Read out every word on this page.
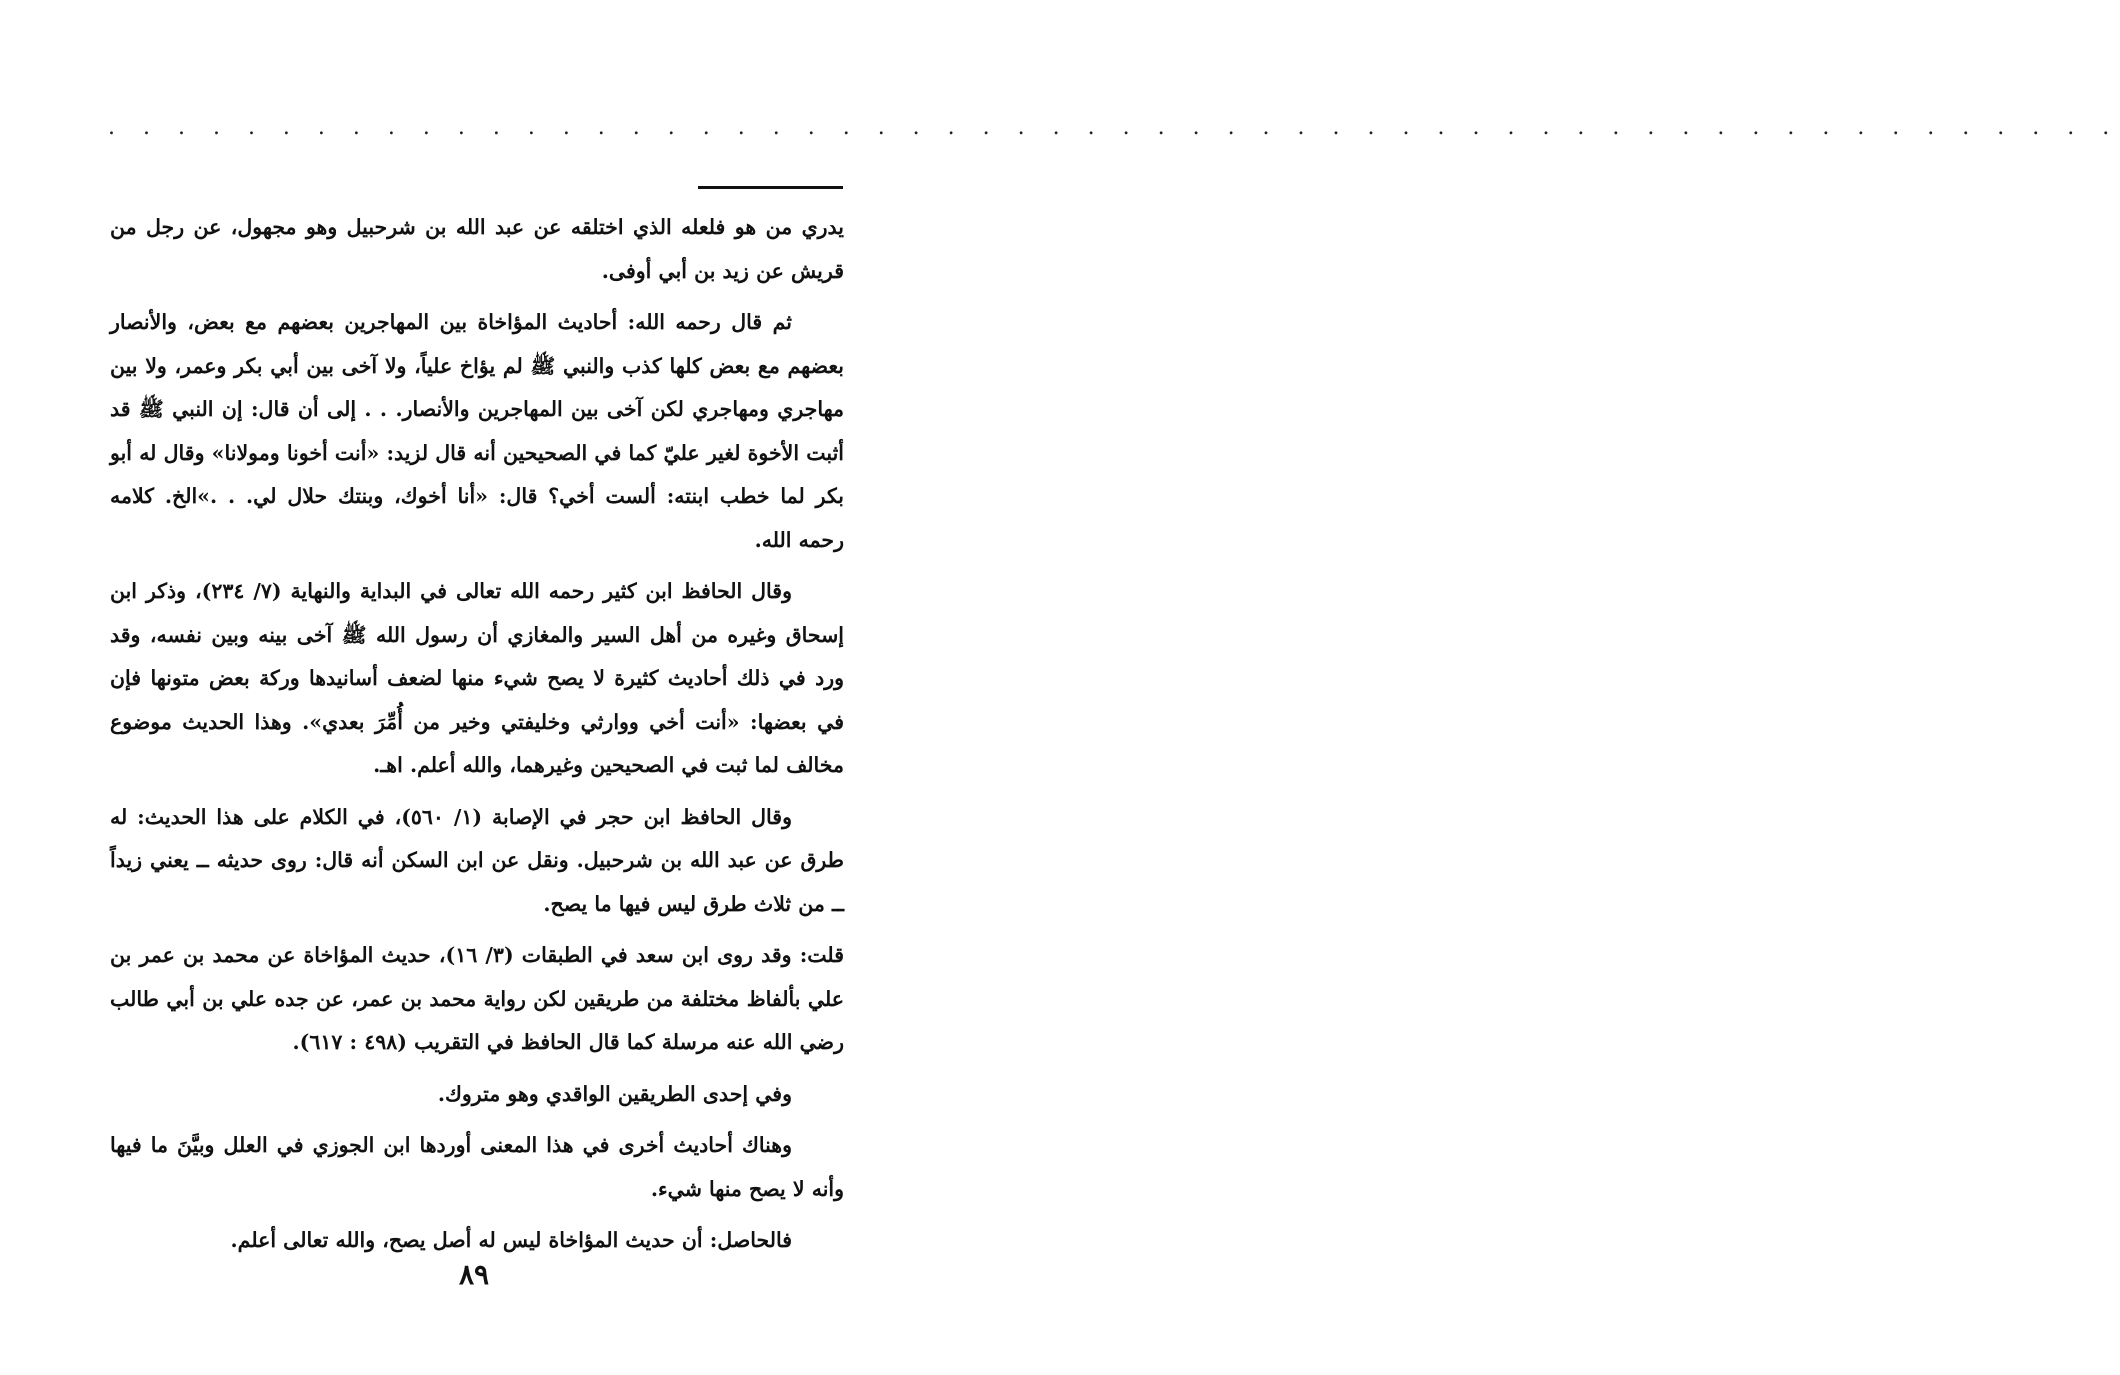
. . . . . . . . . . . . . . . . . . . . . . . . . . . . . . . . . . . . . . . . . . . . . . . . . . . . . . . . . .

يدري من هو فلعله الذي اختلقه عن عبد الله بن شرحبيل وهو مجهول، عن رجل من قريش عن زيد بن أبي أوفى.

ثم قال رحمه الله: أحاديث المؤاخاة بين المهاجرين بعضهم مع بعض، والأنصار بعضهم مع بعض كلها كذب والنبي ﷺ لم يؤاخ علياً، ولا آخى بين أبي بكر وعمر، ولا بين مهاجري ومهاجري لكن آخى بين المهاجرين والأنصار. . . إلى أن قال: إن النبي ﷺ قد أثبت الأخوة لغير عليّ كما في الصحيحين أنه قال لزيد: «أنت أخونا ومولانا» وقال له أبو بكر لما خطب ابنته: ألست أخي؟ قال: «أنا أخوك، وبنتك حلال لي. . .»الخ. كلامه رحمه الله.

وقال الحافظ ابن كثير رحمه الله تعالى في البداية والنهاية (٧/ ٢٣٤)، وذكر ابن إسحاق وغيره من أهل السير والمغازي أن رسول الله ﷺ آخى بينه وبين نفسه، وقد ورد في ذلك أحاديث كثيرة لا يصح شيء منها لضعف أسانيدها وركة بعض متونها فإن في بعضها: «أنت أخي ووارثي وخليفتي وخير من أُمِّرَ بعدي». وهذا الحديث موضوع مخالف لما ثبت في الصحيحين وغيرهما، والله أعلم. اهـ.

وقال الحافظ ابن حجر في الإصابة (١/ ٥٦٠)، في الكلام على هذا الحديث: له طرق عن عبد الله بن شرحبيل. ونقل عن ابن السكن أنه قال: روى حديثه ــ يعني زيداً ــ من ثلاث طرق ليس فيها ما يصح.

قلت: وقد روى ابن سعد في الطبقات (٣/ ١٦)، حديث المؤاخاة عن محمد بن عمر بن علي بألفاظ مختلفة من طريقين لكن رواية محمد بن عمر، عن جده علي بن أبي طالب رضي الله عنه مرسلة كما قال الحافظ في التقريب (٤٩٨ : ٦١٧).

وفي إحدى الطريقين الواقدي وهو متروك.

وهناك أحاديث أخرى في هذا المعنى أوردها ابن الجوزي في العلل وبيَّنَ ما فيها وأنه لا يصح منها شيء.

فالحاصل: أن حديث المؤاخاة ليس له أصل يصح، والله تعالى أعلم.

٨٩
